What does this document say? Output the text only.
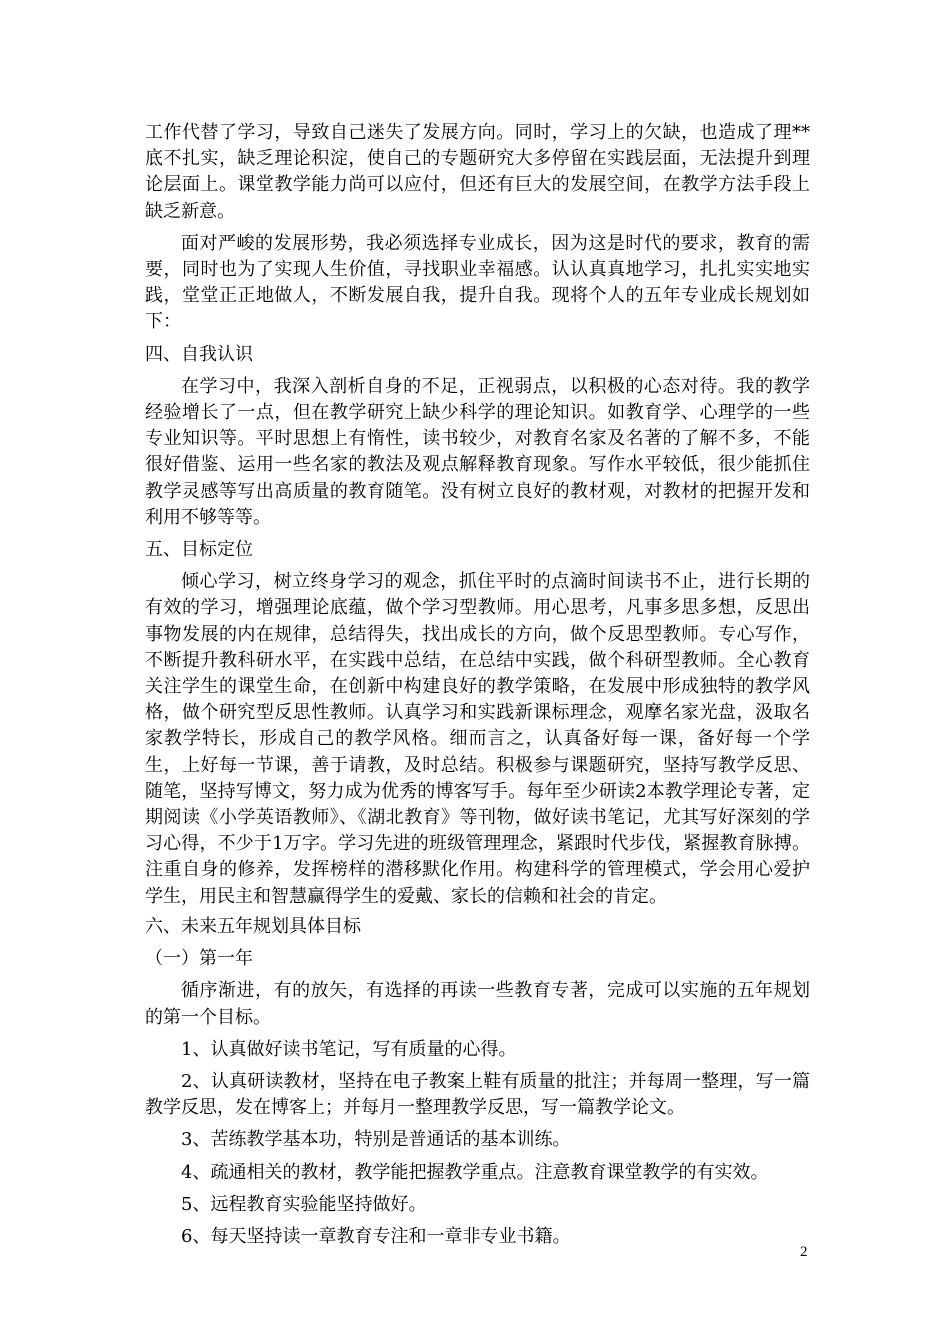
工作代替了学习，导致自己迷失了发展方向。同时，学习上的欠缺，也造成了理**底不扎实，缺乏理论积淀，使自己的专题研究大多停留在实践层面，无法提升到理论层面上。课堂教学能力尚可以应付，但还有巨大的发展空间，在教学方法手段上缺乏新意。

面对严峻的发展形势，我必须选择专业成长，因为这是时代的要求，教育的需要，同时也为了实现人生价值，寻找职业幸福感。认认真真地学习，扎扎实实地实践，堂堂正正地做人，不断发展自我，提升自我。现将个人的五年专业成长规划如下：

四、自我认识

在学习中，我深入剖析自身的不足，正视弱点，以积极的心态对待。我的教学经验增长了一点，但在教学研究上缺少科学的理论知识。如教育学、心理学的一些专业知识等。平时思想上有惰性，读书较少，对教育名家及名著的了解不多，不能很好借鉴、运用一些名家的教法及观点解释教育现象。写作水平较低，很少能抓住教学灵感等写出高质量的教育随笔。没有树立良好的教材观，对教材的把握开发和利用不够等等。

五、目标定位

倾心学习，树立终身学习的观念，抓住平时的点滴时间读书不止，进行长期的有效的学习，增强理论底蕴，做个学习型教师。用心思考，凡事多思多想，反思出事物发展的内在规律，总结得失，找出成长的方向，做个反思型教师。专心写作，不断提升教科研水平，在实践中总结，在总结中实践，做个科研型教师。全心教育关注学生的课堂生命，在创新中构建良好的教学策略，在发展中形成独特的教学风格，做个研究型反思性教师。认真学习和实践新课标理念，观摩名家光盘，汲取名家教学特长，形成自己的教学风格。细而言之，认真备好每一课，备好每一个学生，上好每一节课，善于请教，及时总结。积极参与课题研究，坚持写教学反思、随笔，坚持写博文，努力成为优秀的博客写手。每年至少研读2本教学理论专著，定期阅读《小学英语教师》、《湖北教育》等刊物，做好读书笔记，尤其写好深刻的学习心得，不少于1万字。学习先进的班级管理理念，紧跟时代步伐，紧握教育脉搏。注重自身的修养，发挥榜样的潜移默化作用。构建科学的管理模式，学会用心爱护学生，用民主和智慧赢得学生的爱戴、家长的信赖和社会的肯定。

六、未来五年规划具体目标

（一）第一年

循序渐进，有的放矢，有选择的再读一些教育专著，完成可以实施的五年规划的第一个目标。

1、认真做好读书笔记，写有质量的心得。

2、认真研读教材，坚持在电子教案上鞋有质量的批注；并每周一整理，写一篇教学反思，发在博客上；并每月一整理教学反思，写一篇教学论文。

3、苦练教学基本功，特别是普通话的基本训练。

4、疏通相关的教材，教学能把握教学重点。注意教育课堂教学的有实效。

5、远程教育实验能坚持做好。

6、每天坚持读一章教育专注和一章非专业书籍。

2
